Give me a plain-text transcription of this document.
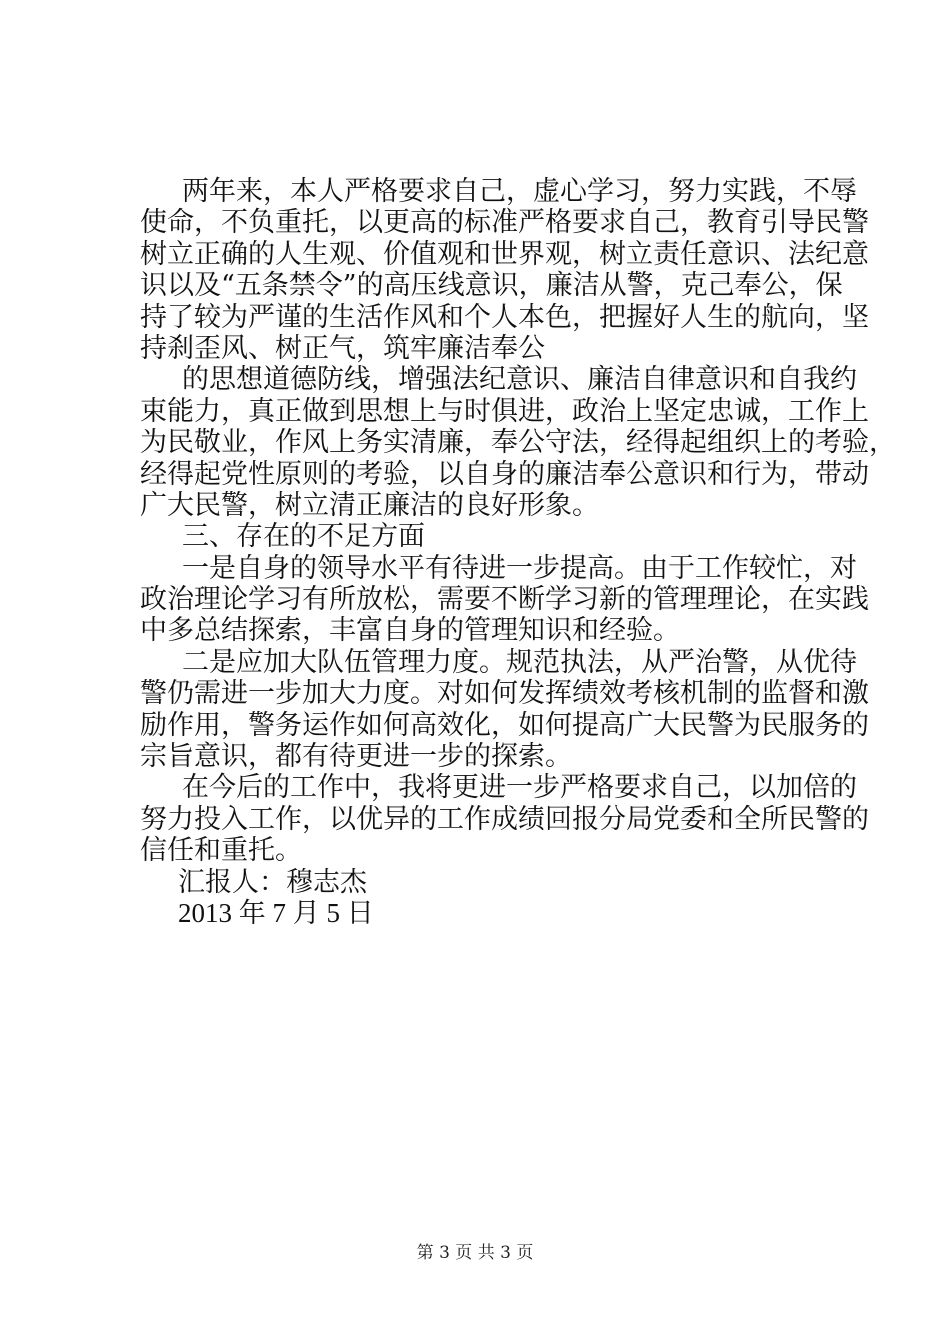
两年来，本人严格要求自己，虚心学习，努力实践，不辱
使命，不负重托，以更高的标准严格要求自己，教育引导民警
树立正确的人生观、价值观和世界观，树立责任意识、法纪意
识以及“五条禁令”的高压线意识，廉洁从警，克己奉公，保
持了较为严谨的生活作风和个人本色，把握好人生的航向，坚
持刹歪风、树正气，筑牢廉洁奉公
的思想道德防线，增强法纪意识、廉洁自律意识和自我约
束能力，真正做到思想上与时俱进，政治上坚定忠诚，工作上
为民敬业，作风上务实清廉，奉公守法，经得起组织上的考验，
经得起党性原则的考验，以自身的廉洁奉公意识和行为，带动
广大民警，树立清正廉洁的良好形象。
三、存在的不足方面
一是自身的领导水平有待进一步提高。由于工作较忙，对
政治理论学习有所放松，需要不断学习新的管理理论，在实践
中多总结探索，丰富自身的管理知识和经验。
二是应加大队伍管理力度。规范执法，从严治警，从优待
警仍需进一步加大力度。对如何发挥绩效考核机制的监督和激
励作用，警务运作如何高效化，如何提高广大民警为民服务的
宗旨意识，都有待更进一步的探索。
在今后的工作中，我将更进一步严格要求自己，以加倍的
努力投入工作，以优异的工作成绩回报分局党委和全所民警的
信任和重托。
汇报人：穆志杰
2013 年 7 月 5 日
第 3 页 共 3 页
